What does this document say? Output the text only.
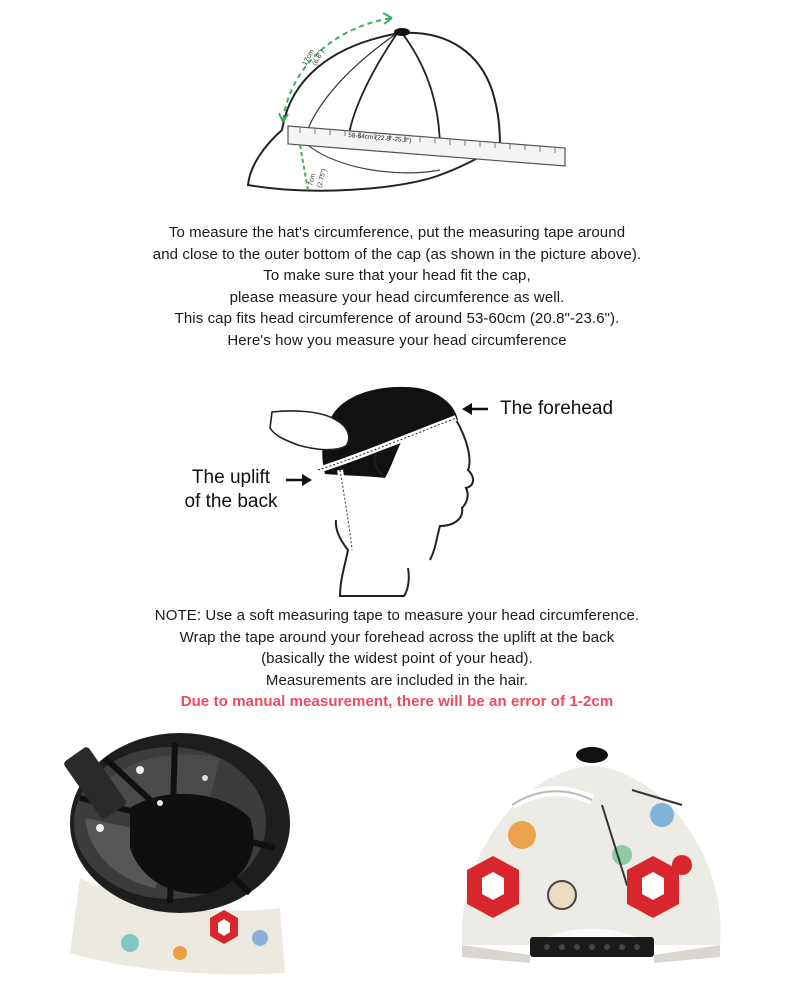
17cm
(6.6")
58-64cm (22.8"-25.2")
7cm (2.75")
To measure the hat's circumference, put the measuring tape around
and close to the outer bottom of the cap (as shown in the picture above).
To make sure that your head fit the cap,
please measure your head circumference as well.
This cap fits head circumference of around 53-60cm (20.8"-23.6").
Here's how you measure your head circumference
The forehead
The uplift
of the back
NOTE: Use a soft measuring tape to measure your head circumference.
Wrap the tape around your forehead across the uplift at the back
(basically the widest point of your head).
Measurements are included in the hair.
Due to manual measurement, there will be an error of 1-2cm
